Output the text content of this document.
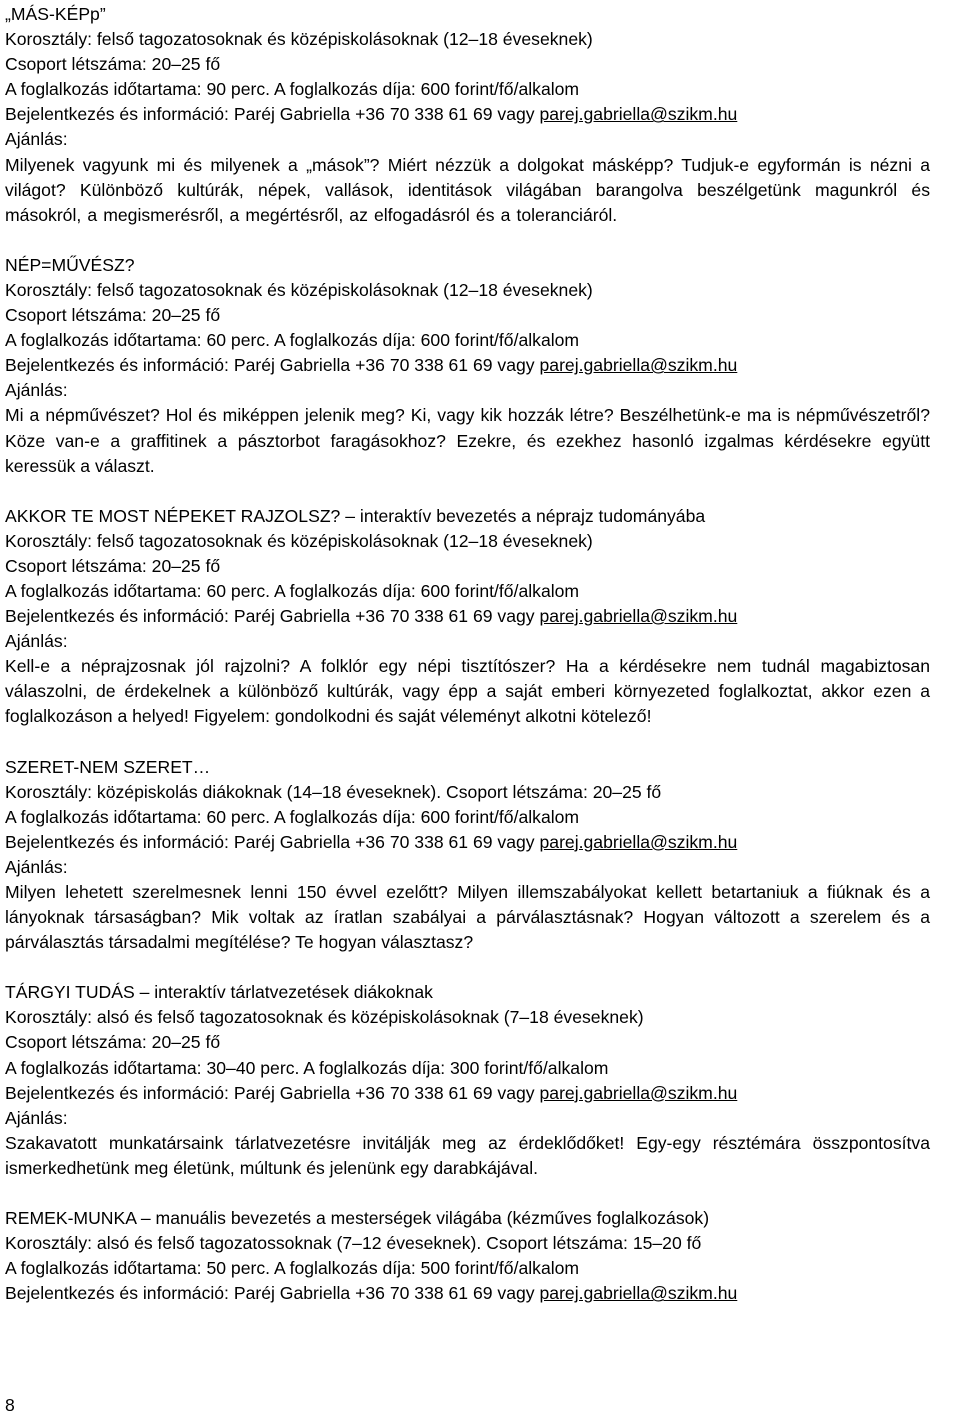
„MÁS-KÉPp”
Korosztály: felső tagozatosoknak és középiskolásoknak (12–18 éveseknek)
Csoport létszáma: 20–25 fő
A foglalkozás időtartama: 90 perc. A foglalkozás díja: 600 forint/fő/alkalom
Bejelentkezés és információ: Paréj Gabriella +36 70 338 61 69 vagy parej.gabriella@szikm.hu
Ajánlás:
Milyenek vagyunk mi és milyenek a „mások”? Miért nézzük a dolgokat másképp? Tudjuk-e egyformán is nézni a világot? Különböző kultúrák, népek, vallások, identitások világában barangolva beszélgetünk magunkról és másokról, a megismerésről, a megértésről, az elfogadásról és a toleranciáról.
NÉP=MŰVÉSZ?
Korosztály: felső tagozatosoknak és középiskolásoknak (12–18 éveseknek)
Csoport létszáma: 20–25 fő
A foglalkozás időtartama: 60 perc. A foglalkozás díja: 600 forint/fő/alkalom
Bejelentkezés és információ: Paréj Gabriella +36 70 338 61 69 vagy parej.gabriella@szikm.hu
Ajánlás:
Mi a népművészet? Hol és miképpen jelenik meg? Ki, vagy kik hozzák létre? Beszélhetünk-e ma is népművészetről? Köze van-e a graffitinek a pásztorbot faragásokhoz? Ezekre, és ezekhez hasonló izgalmas kérdésekre együtt keressük a választ.
AKKOR TE MOST NÉPEKET RAJZOLSZ? – interaktív bevezetés a néprajz tudományába
Korosztály: felső tagozatosoknak és középiskolásoknak (12–18 éveseknek)
Csoport létszáma: 20–25 fő
A foglalkozás időtartama: 60 perc. A foglalkozás díja: 600 forint/fő/alkalom
Bejelentkezés és információ: Paréj Gabriella +36 70 338 61 69 vagy parej.gabriella@szikm.hu
Ajánlás:
Kell-e a néprajzosnak jól rajzolni? A folklór egy népi tisztítószer? Ha a kérdésekre nem tudnál magabiztosan válaszolni, de érdekelnek a különböző kultúrák, vagy épp a saját emberi környezeted foglalkoztat, akkor ezen a foglalkozáson a helyed! Figyelem: gondolkodni és saját véleményt alkotni kötelező!
SZERET-NEM SZERET…
Korosztály: középiskolás diákoknak (14–18 éveseknek). Csoport létszáma: 20–25 fő
A foglalkozás időtartama: 60 perc. A foglalkozás díja: 600 forint/fő/alkalom
Bejelentkezés és információ: Paréj Gabriella +36 70 338 61 69 vagy parej.gabriella@szikm.hu
Ajánlás:
Milyen lehetett szerelmesnek lenni 150 évvel ezelőtt? Milyen illemszabályokat kellett betartaniuk a fiúknak és a lányoknak társaságban? Mik voltak az íratlan szabályai a párválasztásnak? Hogyan változott a szerelem és a párválasztás társadalmi megítélése? Te hogyan választasz?
TÁRGYI TUDÁS – interaktív tárlatvezetések diákoknak
Korosztály: alsó és felső tagozatosoknak és középiskolásoknak (7–18 éveseknek)
Csoport létszáma: 20–25 fő
A foglalkozás időtartama: 30–40 perc. A foglalkozás díja: 300 forint/fő/alkalom
Bejelentkezés és információ: Paréj Gabriella +36 70 338 61 69 vagy parej.gabriella@szikm.hu
Ajánlás:
Szakavatott munkatársaink tárlatvezetésre invitálják meg az érdeklődőket! Egy-egy résztémára összpontosítva ismerkedhetünk meg életünk, múltunk és jelenünk egy darabkájával.
REMEK-MUNKA – manuális bevezetés a mesterségek világába (kézműves foglalkozások)
Korosztály: alsó és felső tagozatossoknak (7–12 éveseknek). Csoport létszáma: 15–20 fő
A foglalkozás időtartama: 50 perc. A foglalkozás díja: 500 forint/fő/alkalom
Bejelentkezés és információ: Paréj Gabriella +36 70 338 61 69 vagy parej.gabriella@szikm.hu
8
